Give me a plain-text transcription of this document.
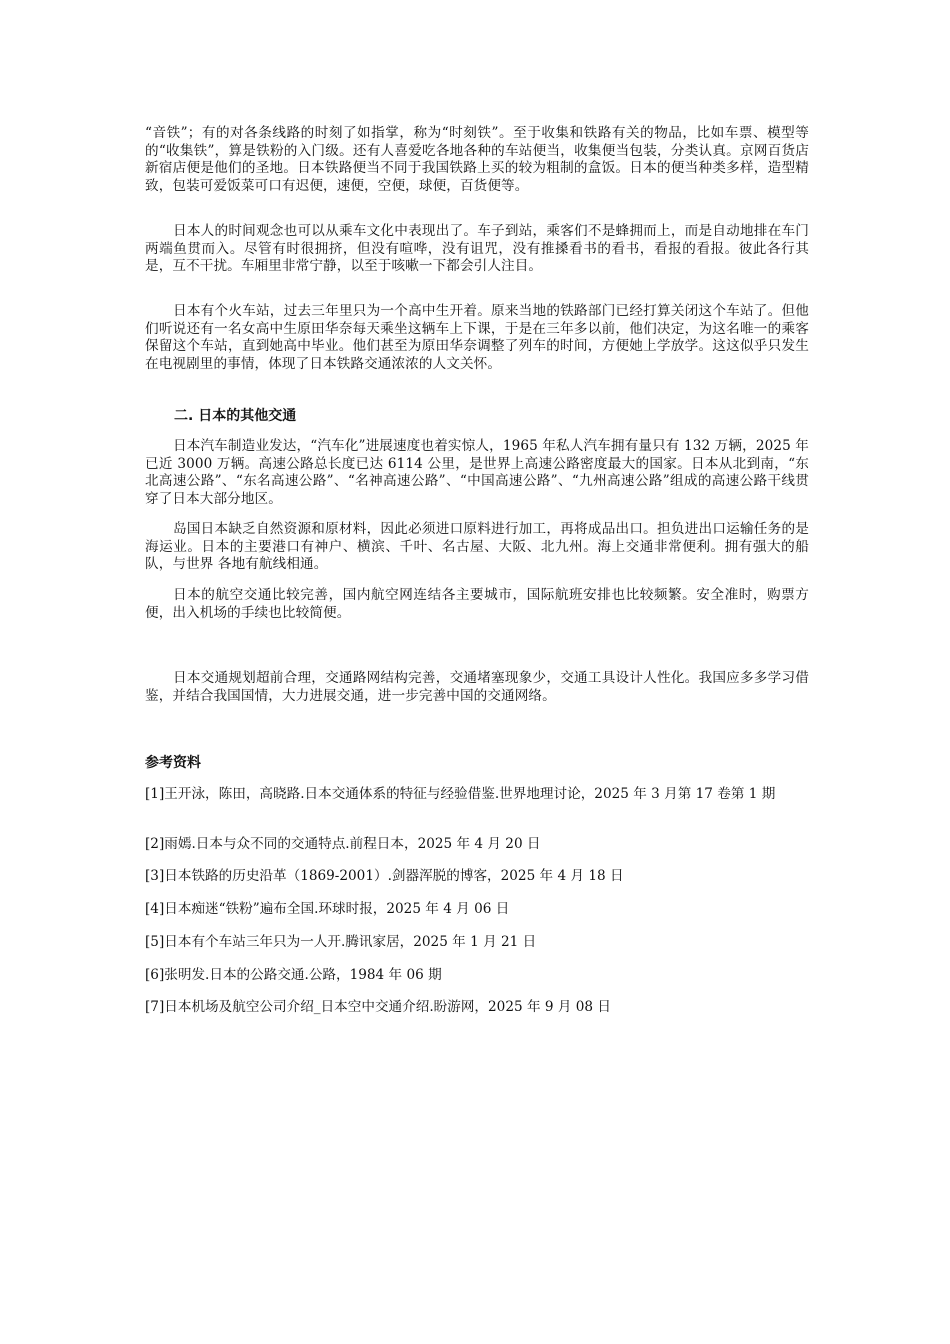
“音铁”；有的对各条线路的时刻了如指掌，称为“时刻铁”。至于收集和铁路有关的物品，比如车票、模型等的“收集铁”，算是铁粉的入门级。还有人喜爱吃各地各种的车站便当，收集便当包装，分类认真。京网百货店新宿店便是他们的圣地。日本铁路便当不同于我国铁路上买的较为粗制的盒饭。日本的便当种类多样，造型精致，包装可爱饭菜可口有迟便，速便，空便，球便，百货便等。

日本人的时间观念也可以从乘车文化中表现出了。车子到站，乘客们不是蜂拥而上，而是自动地排在车门两端鱼贯而入。尽管有时很拥挤，但没有喧哗，没有诅咒，没有推搡看书的看书，看报的看报。彼此各行其是，互不干扰。车厢里非常宁静，以至于咳嗽一下都会引人注目。

日本有个火车站，过去三年里只为一个高中生开着。原来当地的铁路部门已经打算关闭这个车站了。但他们听说还有一名女高中生原田华奈每天乘坐这辆车上下课，于是在三年多以前，他们决定，为这名唯一的乘客保留这个车站，直到她高中毕业。他们甚至为原田华奈调整了列车的时间，方便她上学放学。这这似乎只发生在电视剧里的事情，体现了日本铁路交通浓浓的人文关怀。

二. 日本的其他交通

日本汽车制造业发达，“汽车化”进展速度也着实惊人，1965 年私人汽车拥有量只有 132 万辆，2025 年已近 3000 万辆。高速公路总长度已达 6114 公里，是世界上高速公路密度最大的国家。日本从北到南，“东北高速公路”、“东名高速公路”、“名神高速公路”、“中国高速公路”、“九州高速公路”组成的高速公路干线贯穿了日本大部分地区。

岛国日本缺乏自然资源和原材料，因此必须进口原料进行加工，再将成品出口。担负进出口运输任务的是海运业。日本的主要港口有神户、横滨、千叶、名古屋、大阪、北九州。海上交通非常便利。拥有强大的船队，与世界 各地有航线相通。

日本的航空交通比较完善，国内航空网连结各主要城市，国际航班安排也比较频繁。安全准时，购票方便，出入机场的手续也比较简便。

日本交通规划超前合理，交通路网结构完善，交通堵塞现象少，交通工具设计人性化。我国应多多学习借鉴，并结合我国国情，大力进展交通，进一步完善中国的交通网络。

参考资料

[1]王开泳，陈田，高晓路.日本交通体系的特征与经验借鉴.世界地理讨论，2025 年 3 月第 17 卷第 1 期

[2]雨嫣.日本与众不同的交通特点.前程日本，2025 年 4 月 20 日

[3]日本铁路的历史沿革（1869-2001）.剑器浑脱的博客，2025 年 4 月 18 日

[4]日本痴迷“铁粉”遍布全国.环球时报，2025 年 4 月 06 日

[5]日本有个车站三年只为一人开.腾讯家居，2025 年 1 月 21 日

[6]张明发.日本的公路交通.公路，1984 年 06 期

[7]日本机场及航空公司介绍_日本空中交通介绍.盼游网，2025 年 9 月 08 日
